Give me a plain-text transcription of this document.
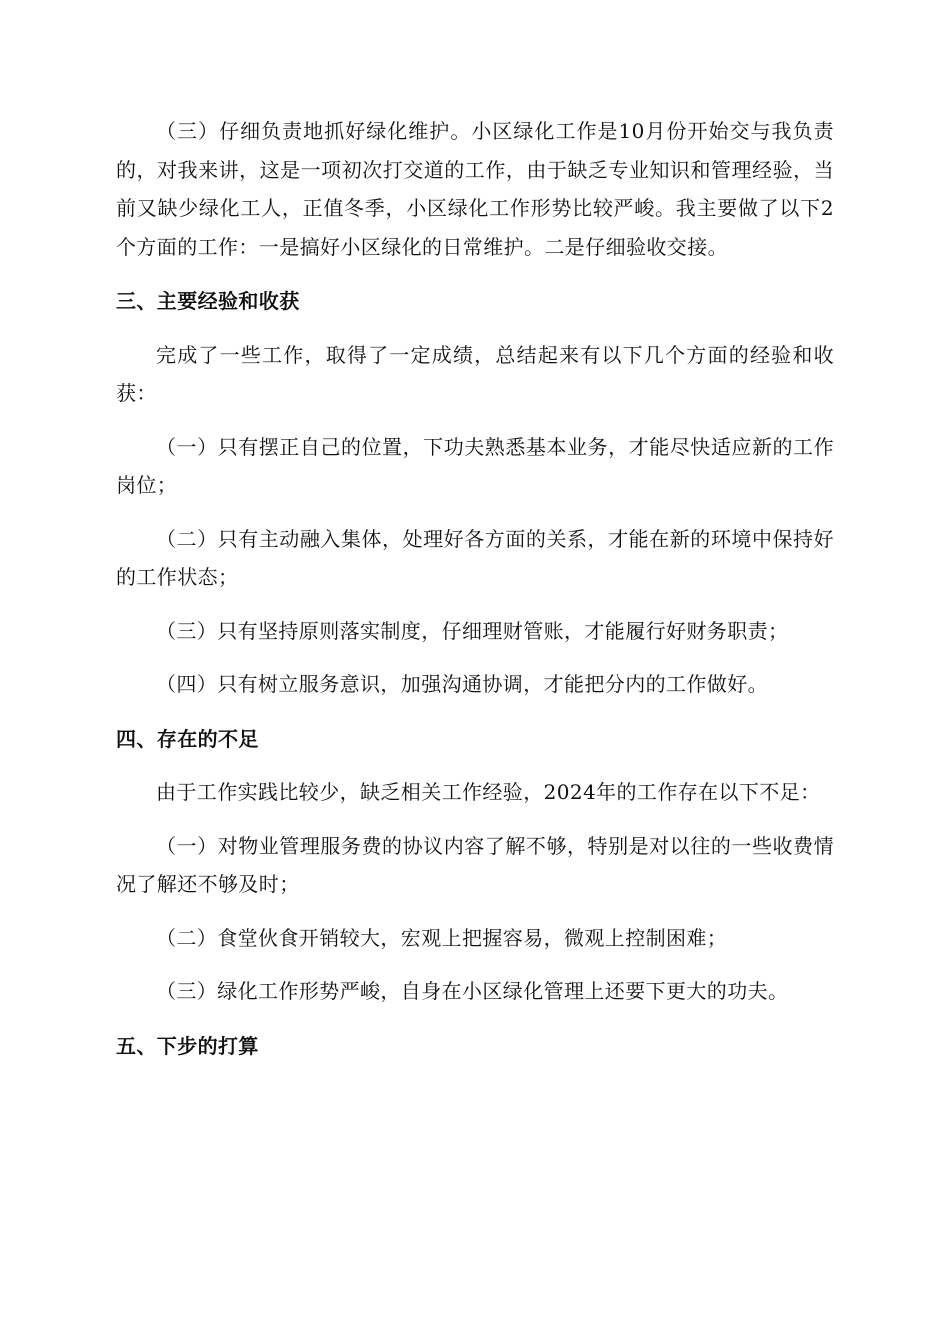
（三）仔细负责地抓好绿化维护。小区绿化工作是10月份开始交与我负责的，对我来讲，这是一项初次打交道的工作，由于缺乏专业知识和管理经验，当前又缺少绿化工人，正值冬季，小区绿化工作形势比较严峻。我主要做了以下2个方面的工作：一是搞好小区绿化的日常维护。二是仔细验收交接。

三、主要经验和收获

完成了一些工作，取得了一定成绩，总结起来有以下几个方面的经验和收获：

（一）只有摆正自己的位置，下功夫熟悉基本业务，才能尽快适应新的工作岗位；

（二）只有主动融入集体，处理好各方面的关系，才能在新的环境中保持好的工作状态；

（三）只有坚持原则落实制度，仔细理财管账，才能履行好财务职责；

（四）只有树立服务意识，加强沟通协调，才能把分内的工作做好。

四、存在的不足

由于工作实践比较少，缺乏相关工作经验，2024年的工作存在以下不足：

（一）对物业管理服务费的协议内容了解不够，特别是对以往的一些收费情况了解还不够及时；

（二）食堂伙食开销较大，宏观上把握容易，微观上控制困难；

（三）绿化工作形势严峻，自身在小区绿化管理上还要下更大的功夫。

五、下步的打算
